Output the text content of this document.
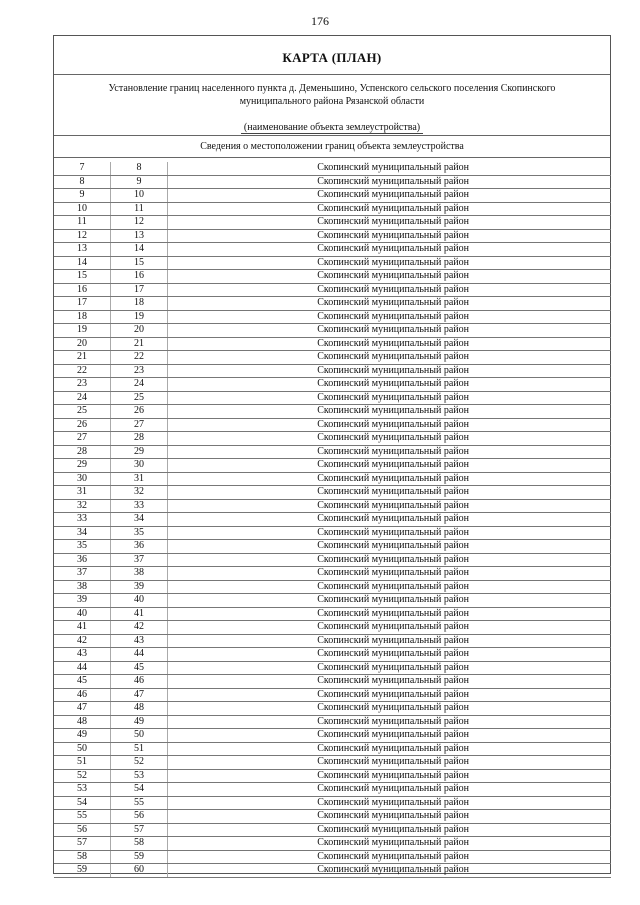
176
КАРТА (ПЛАН)
Установление границ населенного пункта д. Деменьшино, Успенского сельского поселения Скопинского муниципального района Рязанской области
(наименование объекта землеустройства)
Сведения о местоположении границ объекта землеустройства
7	8	Скопинский муниципальный район
8	9	Скопинский муниципальный район
9	10	Скопинский муниципальный район
10	11	Скопинский муниципальный район
11	12	Скопинский муниципальный район
12	13	Скопинский муниципальный район
13	14	Скопинский муниципальный район
14	15	Скопинский муниципальный район
15	16	Скопинский муниципальный район
16	17	Скопинский муниципальный район
17	18	Скопинский муниципальный район
18	19	Скопинский муниципальный район
19	20	Скопинский муниципальный район
20	21	Скопинский муниципальный район
21	22	Скопинский муниципальный район
22	23	Скопинский муниципальный район
23	24	Скопинский муниципальный район
24	25	Скопинский муниципальный район
25	26	Скопинский муниципальный район
26	27	Скопинский муниципальный район
27	28	Скопинский муниципальный район
28	29	Скопинский муниципальный район
29	30	Скопинский муниципальный район
30	31	Скопинский муниципальный район
31	32	Скопинский муниципальный район
32	33	Скопинский муниципальный район
33	34	Скопинский муниципальный район
34	35	Скопинский муниципальный район
35	36	Скопинский муниципальный район
36	37	Скопинский муниципальный район
37	38	Скопинский муниципальный район
38	39	Скопинский муниципальный район
39	40	Скопинский муниципальный район
40	41	Скопинский муниципальный район
41	42	Скопинский муниципальный район
42	43	Скопинский муниципальный район
43	44	Скопинский муниципальный район
44	45	Скопинский муниципальный район
45	46	Скопинский муниципальный район
46	47	Скопинский муниципальный район
47	48	Скопинский муниципальный район
48	49	Скопинский муниципальный район
49	50	Скопинский муниципальный район
50	51	Скопинский муниципальный район
51	52	Скопинский муниципальный район
52	53	Скопинский муниципальный район
53	54	Скопинский муниципальный район
54	55	Скопинский муниципальный район
55	56	Скопинский муниципальный район
56	57	Скопинский муниципальный район
57	58	Скопинский муниципальный район
58	59	Скопинский муниципальный район
59	60	Скопинский муниципальный район
